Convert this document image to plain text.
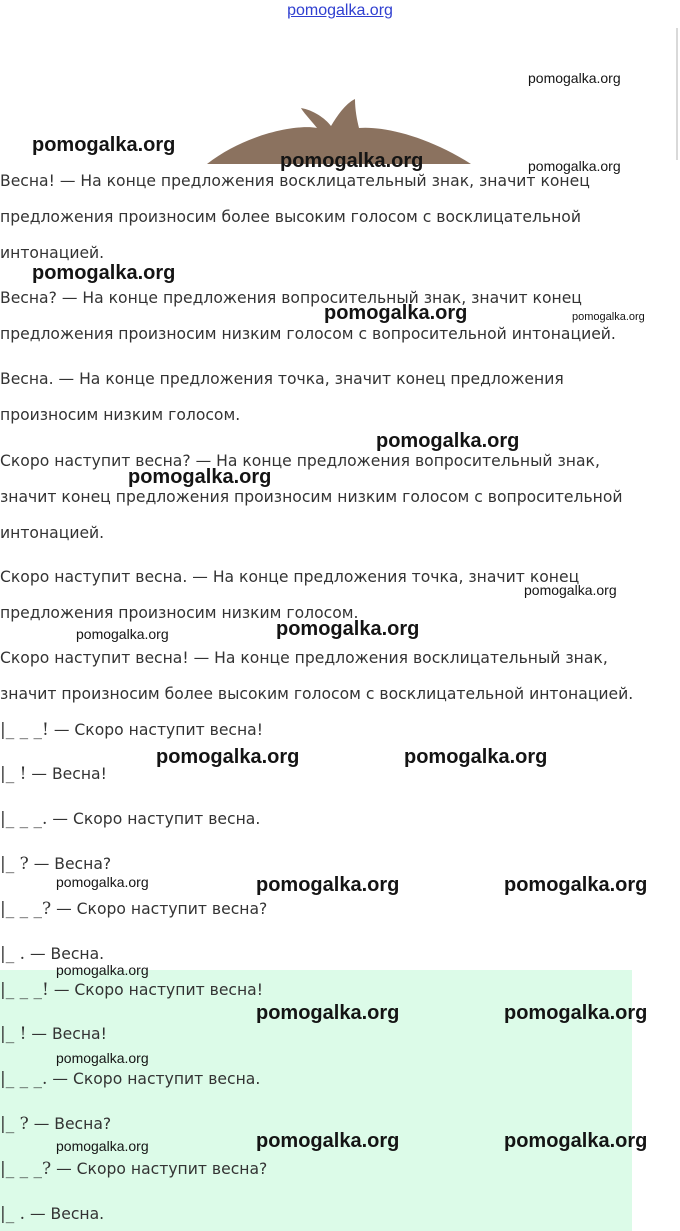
pomogalka.org

Весна! — На конце предложения восклицательный знак, значит конец
предложения произносим более высоким голосом с восклицательной
интонацией.

Весна? — На конце предложения вопросительный знак, значит конец
предложения произносим низким голосом с вопросительной интонацией.

Весна. — На конце предложения точка, значит конец предложения
произносим низким голосом.

Скоро наступит весна? — На конце предложения вопросительный знак,
значит конец предложения произносим низким голосом с вопросительной
интонацией.

Скоро наступит весна. — На конце предложения точка, значит конец
предложения произносим низким голосом.

Скоро наступит весна! — На конце предложения восклицательный знак,
значит произносим более высоким голосом с восклицательной интонацией.

|_ _ _! — Скоро наступит весна!
|_ ! — Весна!
|_ _ _. — Скоро наступит весна.
|_ ? — Весна?
|_ _ _? — Скоро наступит весна?
|_ . — Весна.
|_ _ _! — Скоро наступит весна!
|_ ! — Весна!
|_ _ _. — Скоро наступит весна.
|_ ? — Весна?
|_ _ _? — Скоро наступит весна?
|_ . — Весна.
pomogalka.org
pomogalka.org
pomogalka.org	pomogalka.org
pomogalka.org
pomogalka.org	pomogalka.org
pomogalka.org
pomogalka.org
pomogalka.org
pomogalka.org
pomogalka.org
pomogalka.org	pomogalka.org
pomogalka.org	pomogalka.org	pomogalka.org
pomogalka.org
pomogalka.org	pomogalka.org
pomogalka.org
pomogalka.org	pomogalka.org
pomogalka.org
